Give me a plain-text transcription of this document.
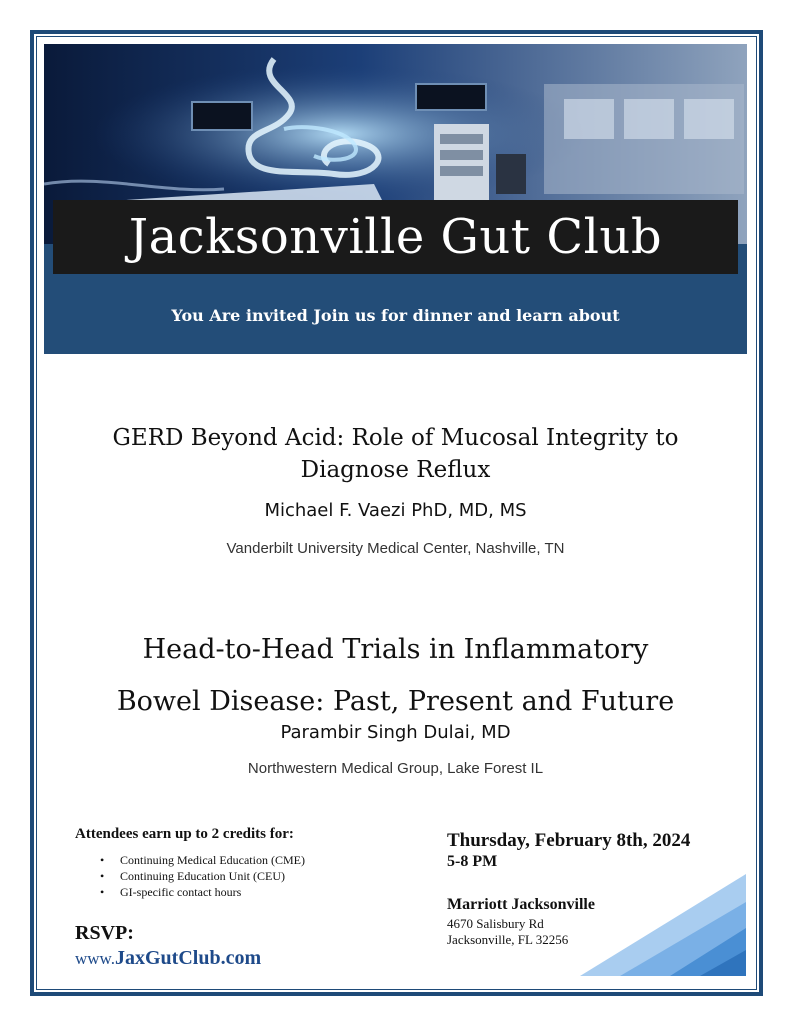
Jacksonville Gut Club
You Are invited Join us for dinner and learn about
GERD Beyond Acid: Role of Mucosal Integrity to
Diagnose Reflux
Michael F. Vaezi PhD, MD, MS
Vanderbilt University Medical Center, Nashville, TN
Head-to-Head Trials in Inflammatory
Bowel Disease: Past, Present and Future
Parambir Singh Dulai, MD
Northwestern Medical Group, Lake Forest IL
Attendees earn up to 2 credits for:
• Continuing Medical Education (CME)
• Continuing Education Unit (CEU)
• GI-specific contact hours
RSVP:
www.JaxGutClub.com
Thursday, February 8th, 2024
5-8 PM
Marriott Jacksonville
4670 Salisbury Rd
Jacksonville, FL 32256
